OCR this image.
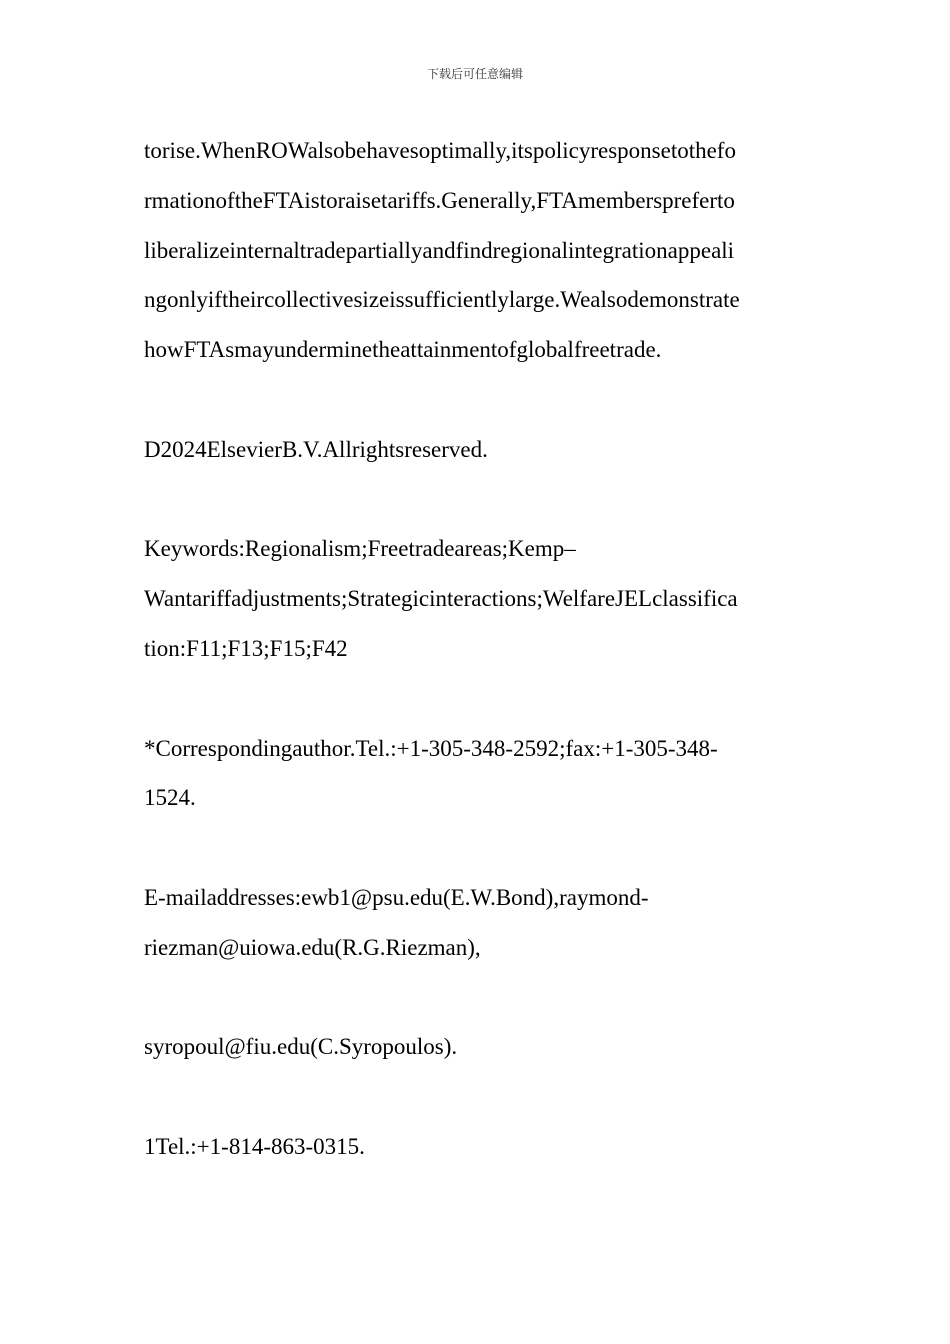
下载后可任意编辑
torise.WhenROWalsobehavesoptimally,itspolicyresponsetothefo
rmationoftheFTAistoraisetariffs.Generally,FTAmemberspreferto
liberalizeinternaltradepartiallyandfindregionalintegrationappeali
ngonlyiftheircollectivesizeissufficientlylarge.Wealsodemonstrate
howFTAsmayunderminetheattainmentofglobalfreetrade.
D2024ElsevierB.V.Allrightsreserved.
Keywords:Regionalism;Freetradeareas;Kemp–
Wantariffadjustments;Strategicinteractions;WelfareJELclassifica
tion:F11;F13;F15;F42
*Correspondingauthor.Tel.:+1-305-348-2592;fax:+1-305-348-
1524.
E-mailaddresses:ewb1@psu.edu(E.W.Bond),raymond-
riezman@uiowa.edu(R.G.Riezman),
syropoul@fiu.edu(C.Syropoulos).
1Tel.:+1-814-863-0315.
